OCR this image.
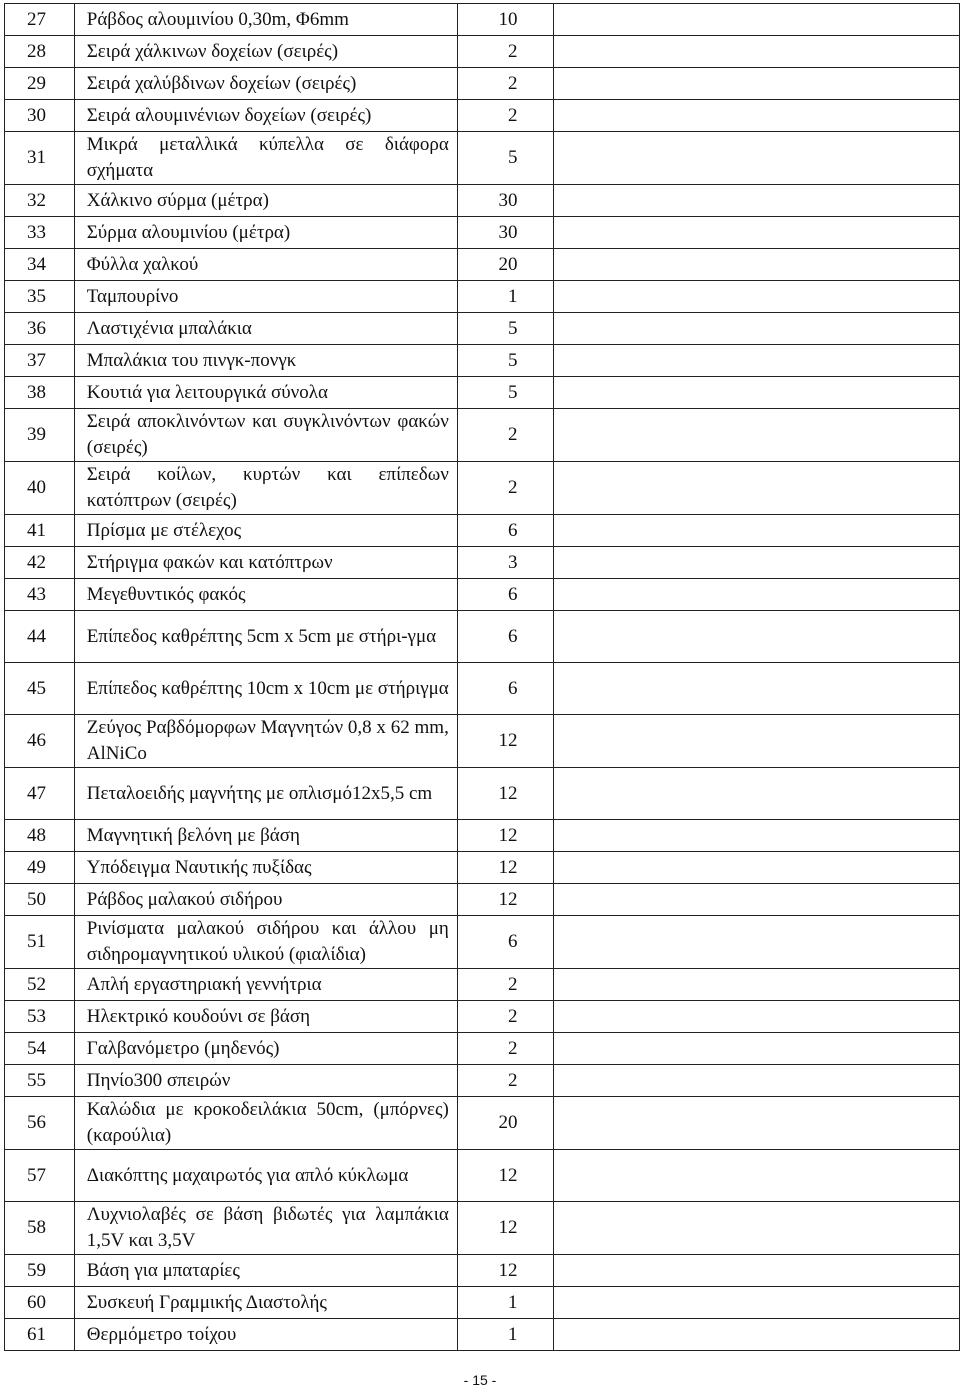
27	Ράβδος αλουμινίου 0,30m, Φ6mm	10	
28	Σειρά χάλκινων δοχείων (σειρές)	2	
29	Σειρά χαλύβδινων δοχείων (σειρές)	2	
30	Σειρά αλουμινένιων δοχείων (σειρές)	2	
31	Μικρά μεταλλικά κύπελλα σε διάφορα σχήματα	5	
32	Χάλκινο σύρμα (μέτρα)	30	
33	Σύρμα αλουμινίου (μέτρα)	30	
34	Φύλλα χαλκού	20	
35	Ταμπουρίνο	1	
36	Λαστιχένια μπαλάκια	5	
37	Μπαλάκια του πινγκ-πονγκ	5	
38	Κουτιά για λειτουργικά σύνολα	5	
39	Σειρά αποκλινόντων και συγκλινόντων φακών (σειρές)	2	
40	Σειρά κοίλων, κυρτών και επίπεδων κατόπτρων (σειρές)	2	
41	Πρίσμα με στέλεχος	6	
42	Στήριγμα φακών και κατόπτρων	3	
43	Μεγεθυντικός φακός	6	
44	Επίπεδος καθρέπτης 5cm x 5cm με στήρι-γμα	6	
45	Επίπεδος καθρέπτης 10cm x 10cm με στήριγμα	6	
46	Ζεύγος Ραβδόμορφων Μαγνητών 0,8 x 62 mm, AlNiCo	12	
47	Πεταλοειδής μαγνήτης με οπλισμό12x5,5 cm	12	
48	Μαγνητική βελόνη με βάση	12	
49	Υπόδειγμα Ναυτικής πυξίδας	12	
50	Ράβδος μαλακού σιδήρου	12	
51	Ρινίσματα μαλακού σιδήρου και άλλου μη σιδηρομαγνητικού υλικού (φιαλίδια)	6	
52	Απλή εργαστηριακή γεννήτρια	2	
53	Ηλεκτρικό κουδούνι σε βάση	2	
54	Γαλβανόμετρο (μηδενός)	2	
55	Πηνίο300 σπειρών	2	
56	Καλώδια με κροκοδειλάκια 50cm, (μπόρνες) (καρούλια)	20	
57	Διακόπτης μαχαιρωτός για απλό κύκλωμα	12	
58	Λυχνιολαβές σε βάση βιδωτές για λαμπάκια 1,5V και 3,5V	12	
59	Βάση για μπαταρίες	12	
60	Συσκευή Γραμμικής Διαστολής	1	
61	Θερμόμετρο τοίχου	1	
- 15 -
